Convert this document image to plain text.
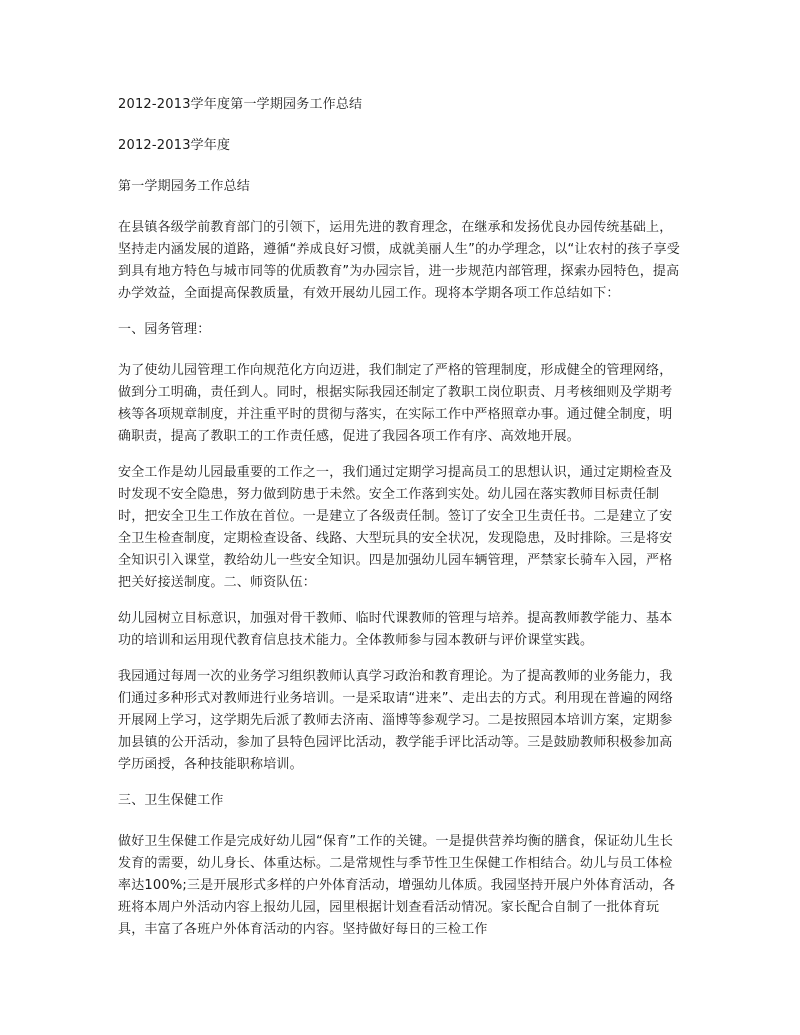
2012-2013学年度第一学期园务工作总结

2012-2013学年度

第一学期园务工作总结

在县镇各级学前教育部门的引领下，运用先进的教育理念，在继承和发扬优良办园传统基础上，坚持走内涵发展的道路，遵循“养成良好习惯，成就美丽人生”的办学理念，以“让农村的孩子享受到具有地方特色与城市同等的优质教育”为办园宗旨，进一步规范内部管理，探索办园特色，提高办学效益，全面提高保教质量，有效开展幼儿园工作。现将本学期各项工作总结如下：

一、园务管理：

为了使幼儿园管理工作向规范化方向迈进，我们制定了严格的管理制度，形成健全的管理网络，做到分工明确，责任到人。同时，根据实际我园还制定了教职工岗位职责、月考核细则及学期考核等各项规章制度，并注重平时的贯彻与落实，在实际工作中严格照章办事。通过健全制度，明确职责，提高了教职工的工作责任感，促进了我园各项工作有序、高效地开展。

安全工作是幼儿园最重要的工作之一，我们通过定期学习提高员工的思想认识，通过定期检查及时发现不安全隐患，努力做到防患于未然。安全工作落到实处。幼儿园在落实教师目标责任制时，把安全卫生工作放在首位。一是建立了各级责任制。签订了安全卫生责任书。二是建立了安全卫生检查制度，定期检查设备、线路、大型玩具的安全状况，发现隐患，及时排除。三是将安全知识引入课堂，教给幼儿一些安全知识。四是加强幼儿园车辆管理，严禁家长骑车入园，严格把关好接送制度。二、师资队伍：

幼儿园树立目标意识，加强对骨干教师、临时代课教师的管理与培养。提高教师教学能力、基本功的培训和运用现代教育信息技术能力。全体教师参与园本教研与评价课堂实践。

我园通过每周一次的业务学习组织教师认真学习政治和教育理论。为了提高教师的业务能力，我们通过多种形式对教师进行业务培训。一是采取请“进来”、走出去的方式。利用现在普遍的网络开展网上学习，这学期先后派了教师去济南、淄博等参观学习。二是按照园本培训方案，定期参加县镇的公开活动，参加了县特色园评比活动，教学能手评比活动等。三是鼓励教师积极参加高学历函授，各种技能职称培训。

三、卫生保健工作

做好卫生保健工作是完成好幼儿园“保育”工作的关键。一是提供营养均衡的膳食，保证幼儿生长发育的需要，幼儿身长、体重达标。二是常规性与季节性卫生保健工作相结合。幼儿与员工体检率达100%;三是开展形式多样的户外体育活动，增强幼儿体质。我园坚持开展户外体育活动，各班将本周户外活动内容上报幼儿园，园里根据计划查看活动情况。家长配合自制了一批体育玩具，丰富了各班户外体育活动的内容。坚持做好每日的三检工作
